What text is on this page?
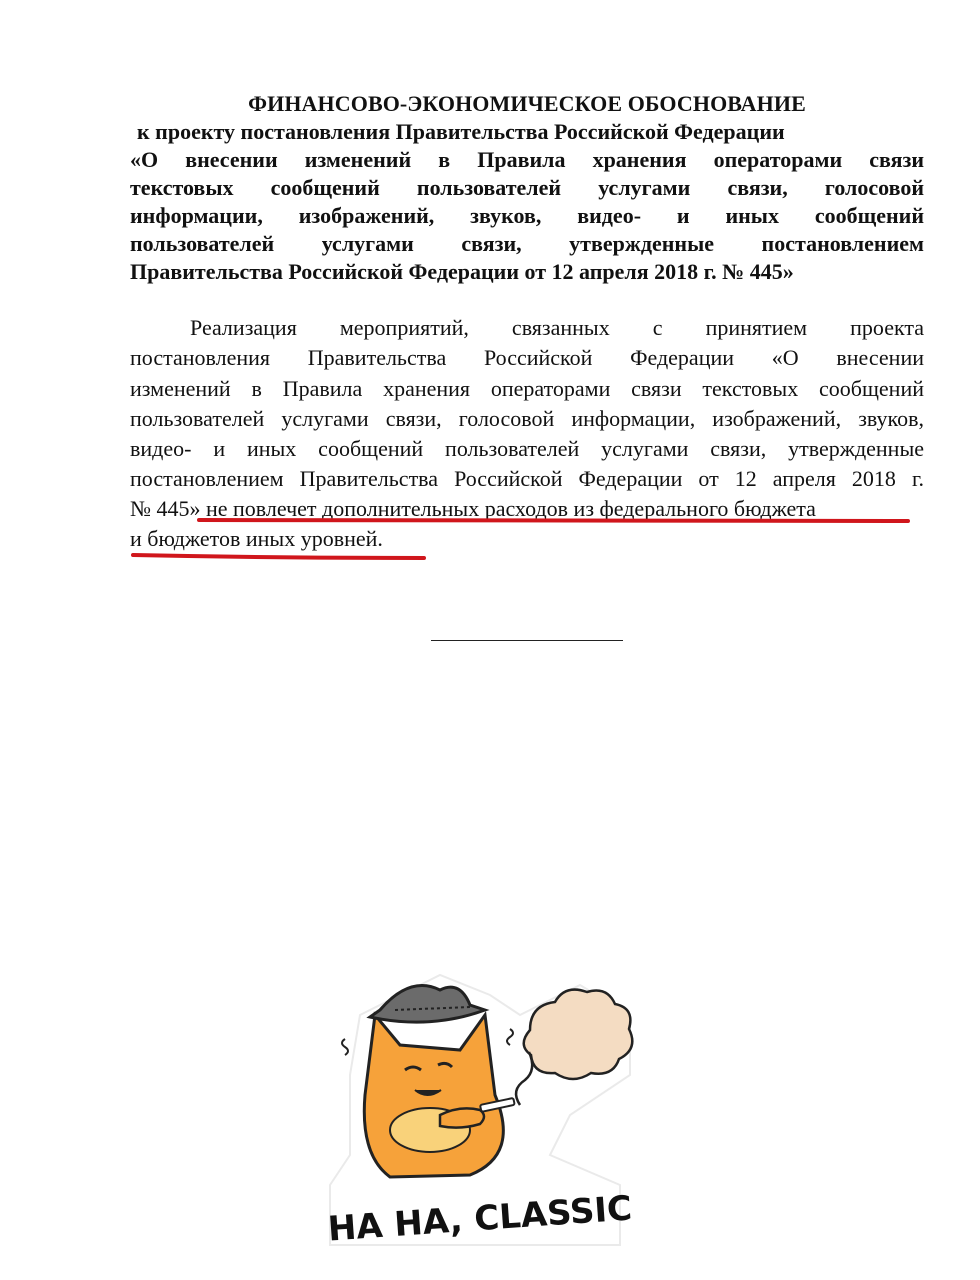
ФИНАНСОВО-ЭКОНОМИЧЕСКОЕ ОБОСНОВАНИЕ
к проекту постановления Правительства Российской Федерации
«О внесении изменений в Правила хранения операторами связи
текстовых сообщений пользователей услугами связи, голосовой
информации, изображений, звуков, видео- и иных сообщений
пользователей услугами связи, утвержденные постановлением
Правительства Российской Федерации от 12 апреля 2018 г. № 445»
Реализация мероприятий, связанных с принятием проекта
постановления Правительства Российской Федерации «О внесении
изменений в Правила хранения операторами связи текстовых сообщений
пользователей услугами связи, голосовой информации, изображений, звуков,
видео- и иных сообщений пользователей услугами связи, утвержденные
постановлением Правительства Российской Федерации от 12 апреля 2018 г.
№ 445» не повлечет дополнительных расходов из федерального бюджета
и бюджетов иных уровней.
HA HA, CLASSIC
